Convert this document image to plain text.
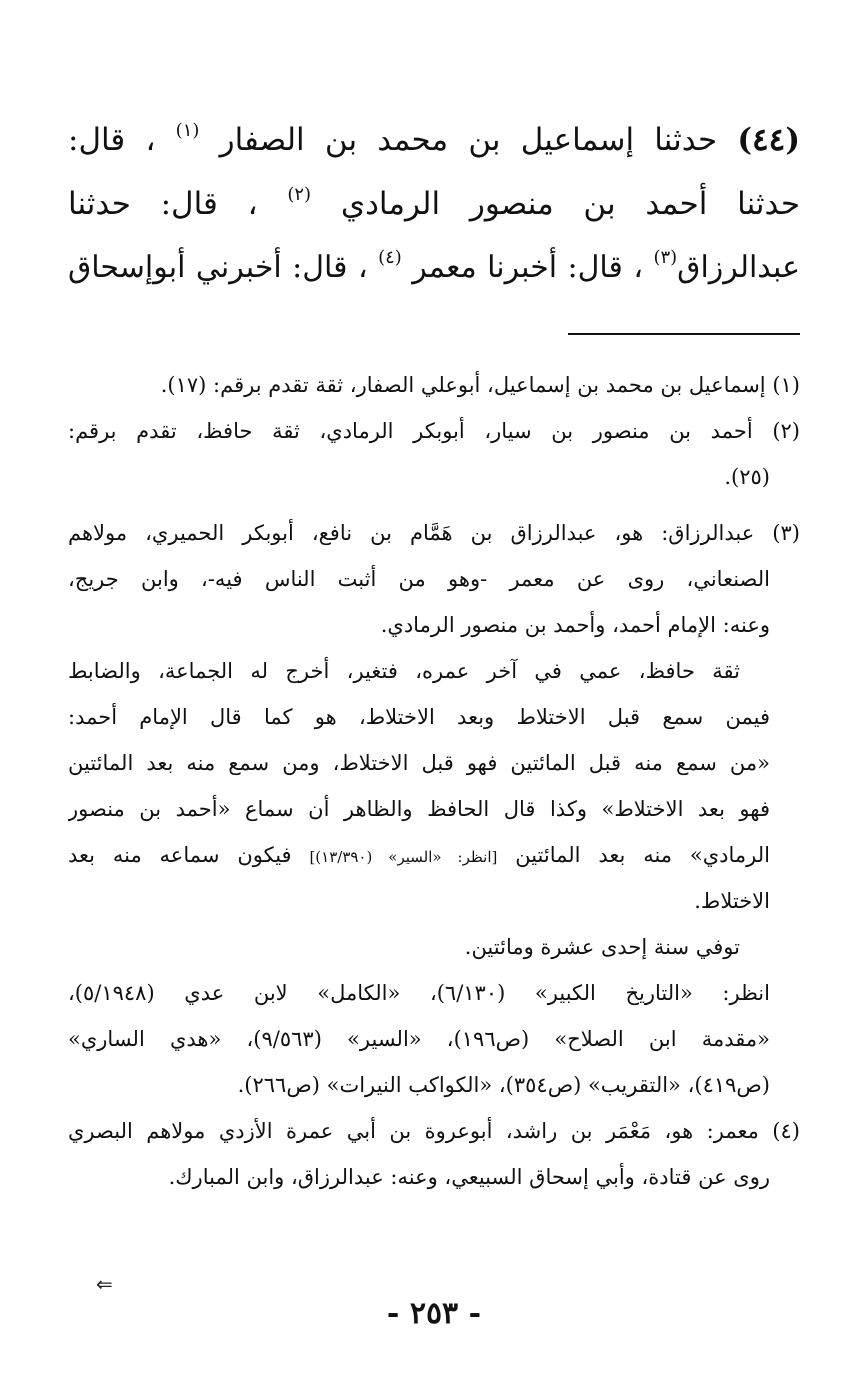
(٤٤) حدثنا إسماعيل بن محمد بن الصفار $^{(١)}$ ، قال:
حدثنا أحمد بن منصور الرمادي $^{(٢)}$ ، قال: حدثنا
عبدالرزاق$^{(٣)}$ ، قال: أخبرنا معمر $^{(٤)}$ ، قال: أخبرني أبوإسحاق
(١) إسماعيل بن محمد بن إسماعيل، أبوعلي الصفار، ثقة تقدم برقم: (١٧).
(٢) أحمد بن منصور بن سيار، أبوبكر الرمادي، ثقة حافظ، تقدم برقم:
(٢٥).
(٣) عبدالرزاق: هو، عبدالرزاق بن هَمَّام بن نافع، أبوبكر الحميري، مولاهم
الصنعاني، روى عن معمر -وهو من أثبت الناس فيه-، وابن جريج،
وعنه: الإمام أحمد، وأحمد بن منصور الرمادي.
ثقة حافظ، عمي في آخر عمره، فتغير، أخرج له الجماعة، والضابط
فيمن سمع قبل الاختلاط وبعد الاختلاط، هو كما قال الإمام أحمد:
«من سمع منه قبل المائتين فهو قبل الاختلاط، ومن سمع منه بعد المائتين
فهو بعد الاختلاط» وكذا قال الحافظ والظاهر أن سماع «أحمد بن منصور
الرمادي» منه بعد المائتين [انظر: «السير» (١٣/٣٩٠)] فيكون سماعه منه بعد
الاختلاط.
توفي سنة إحدى عشرة ومائتين.
انظر: «التاريخ الكبير» (٦/١٣٠)، «الكامل» لابن عدي (٥/١٩٤٨)،
«مقدمة ابن الصلاح» (ص١٩٦)، «السير» (٩/٥٦٣)، «هدي الساري»
(ص٤١٩)، «التقريب» (ص٣٥٤)، «الكواكب النيرات» (ص٢٦٦).
(٤) معمر: هو، مَعْمَر بن راشد، أبوعروة بن أبي عمرة الأزدي مولاهم البصري
روى عن قتادة، وأبي إسحاق السبيعي، وعنه: عبدالرزاق، وابن المبارك.
⇐
- ٢٥٣ -
